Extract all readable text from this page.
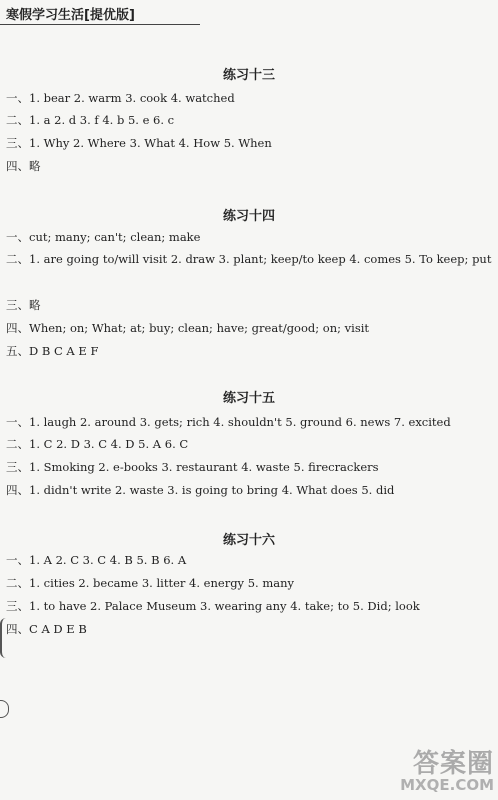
寒假学习生活[提优版]
练习十三
一、1. bear 2. warm 3. cook 4. watched
二、1. a 2. d 3. f 4. b 5. e 6. c
三、1. Why 2. Where 3. What 4. How 5. When
四、略
练习十四
一、cut; many; can't; clean; make
二、1. are going to/will visit 2. draw 3. plant; keep/to keep 4. comes 5. To keep; put
三、略
四、When; on; What; at; buy; clean; have; great/good; on; visit
五、D B C A E F
练习十五
一、1. laugh 2. around 3. gets; rich 4. shouldn't 5. ground 6. news 7. excited
二、1. C 2. D 3. C 4. D 5. A 6. C
三、1. Smoking 2. e-books 3. restaurant 4. waste 5. firecrackers
四、1. didn't write 2. waste 3. is going to bring 4. What does 5. did
练习十六
一、1. A 2. C 3. C 4. B 5. B 6. A
二、1. cities 2. became 3. litter 4. energy 5. many
三、1. to have 2. Palace Museum 3. wearing any 4. take; to 5. Did; look
四、C A D E B
答案圈
MXQE.COM
